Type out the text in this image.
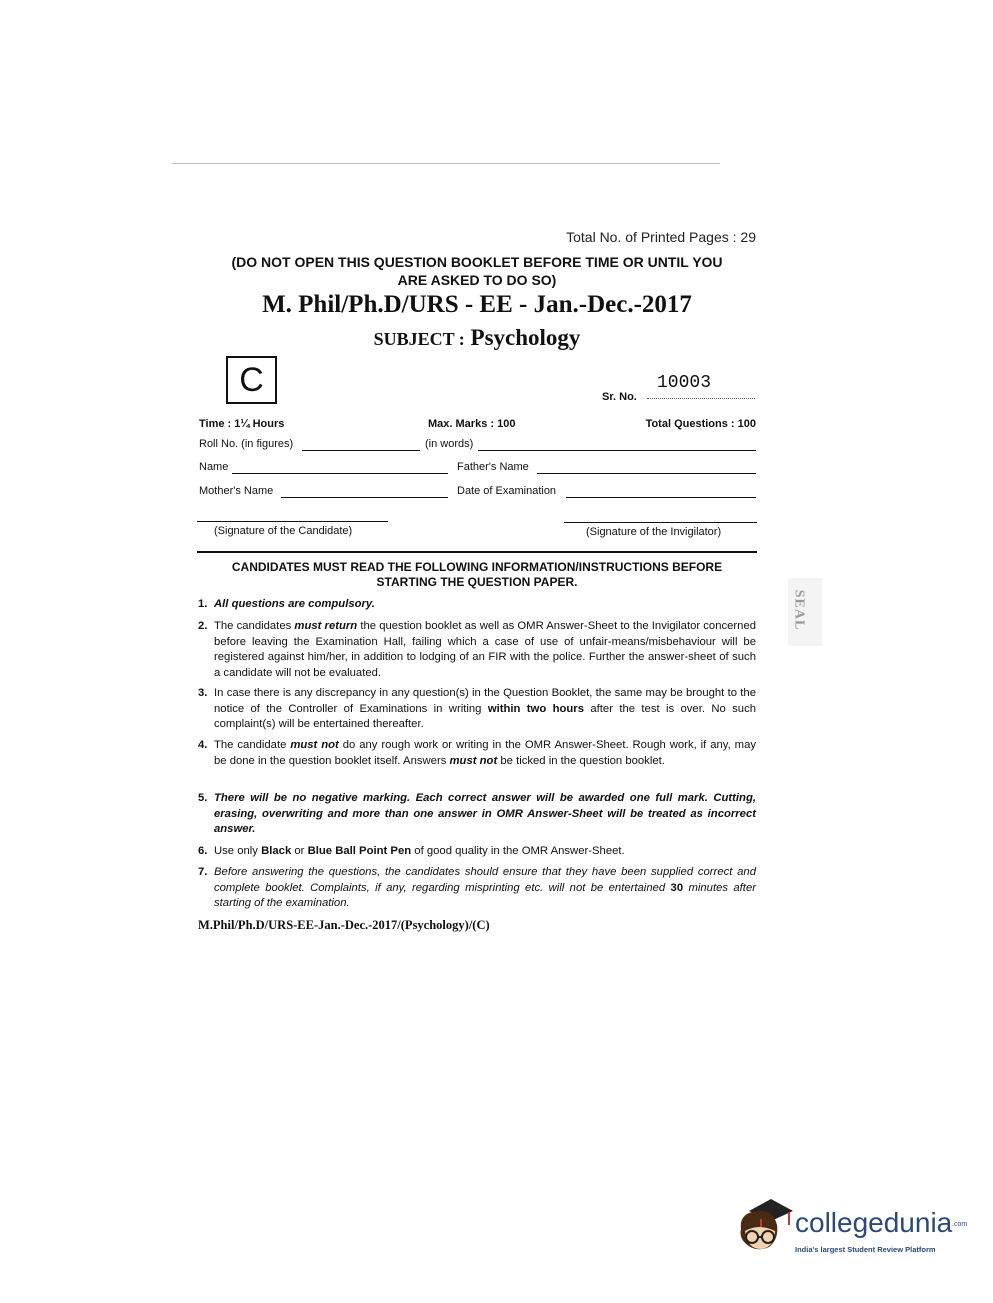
Total No. of Printed Pages : 29
(DO NOT OPEN THIS QUESTION BOOKLET BEFORE TIME OR UNTIL YOU
ARE ASKED TO DO SO)
M. Phil/Ph.D/URS - EE - Jan.-Dec.-2017
SUBJECT : Psychology
C	10003
Sr. No.
Time : 1¼ Hours	Max. Marks : 100	Total Questions : 100
Roll No. (in figures)	(in words)
Name	Father's Name
Mother's Name	Date of Examination
(Signature of the Candidate)	(Signature of the Invigilator)
CANDIDATES MUST READ THE FOLLOWING INFORMATION/INSTRUCTIONS BEFORE
STARTING THE QUESTION PAPER.
1. All questions are compulsory.
2. The candidates must return the question booklet as well as OMR Answer-Sheet to the Invigilator concerned before leaving the Examination Hall, failing which a case of use of unfair-means/misbehaviour will be registered against him/her, in addition to lodging of an FIR with the police. Further the answer-sheet of such a candidate will not be evaluated.
3. In case there is any discrepancy in any question(s) in the Question Booklet, the same may be brought to the notice of the Controller of Examinations in writing within two hours after the test is over. No such complaint(s) will be entertained thereafter.
4. The candidate must not do any rough work or writing in the OMR Answer-Sheet. Rough work, if any, may be done in the question booklet itself. Answers must not be ticked in the question booklet.
5. There will be no negative marking. Each correct answer will be awarded one full mark. Cutting, erasing, overwriting and more than one answer in OMR Answer-Sheet will be treated as incorrect answer.
6. Use only Black or Blue Ball Point Pen of good quality in the OMR Answer-Sheet.
7. Before answering the questions, the candidates should ensure that they have been supplied correct and complete booklet. Complaints, if any, regarding misprinting etc. will not be entertained 30 minutes after starting of the examination.
M.Phil/Ph.D/URS-EE-Jan.-Dec.-2017/(Psychology)/(C)
SEAL
collegedunia .com
India's largest Student Review Platform
